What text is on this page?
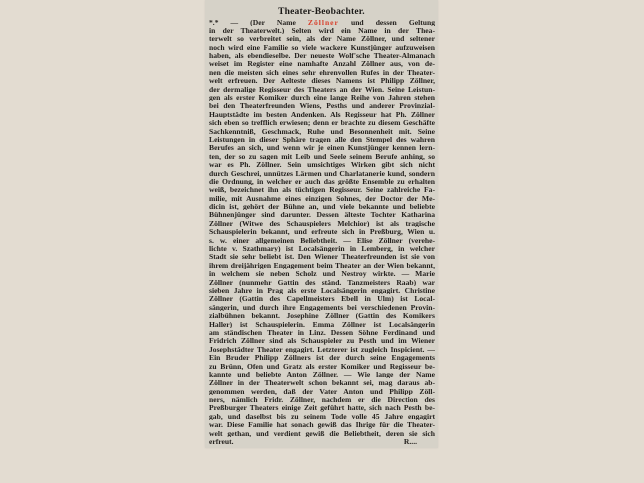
Theater-Beobachter.
*.* — (Der Name Zöllner und dessen Geltung
in der Theaterwelt.) Selten wird ein Name in der Thea-
terwelt so verbreitet sein, als der Name Zöllner, und seltener
noch wird eine Familie so viele wackere Kunstjünger aufzuweisen
haben, als ebendieselbe. Der neueste Wolf'sche Theater-Almanach
weiset im Register eine namhafte Anzahl Zöllner aus, von de-
nen die meisten sich eines sehr ehrenvollen Rufes in der Theater-
welt erfreuen. Der Aelteste dieses Namens ist Philipp Zöllner,
der dermalige Regisseur des Theaters an der Wien. Seine Leistun-
gen als erster Komiker durch eine lange Reihe von Jahren stehen
bei den Theaterfreunden Wiens, Pesths und anderer Provinzial-
Hauptstädte im besten Andenken. Als Regisseur hat Ph. Zöllner
sich eben so trefflich erwiesen; denn er brachte zu diesem Geschäfte
Sachkenntniß, Geschmack, Ruhe und Besonnenheit mit. Seine
Leistungen in dieser Sphäre tragen alle den Stempel des wahren
Berufes an sich, und wenn wir je einen Kunstjünger kennen lern-
ten, der so zu sagen mit Leib und Seele seinem Berufe anhing, so
war es Ph. Zöllner. Sein umsichtiges Wirken gibt sich nicht
durch Geschrei, unnützes Lärmen und Charlatanerie kund, sondern
die Ordnung, in welcher er auch das größte Ensemble zu erhalten
weiß, bezeichnet ihn als tüchtigen Regisseur. Seine zahlreiche Fa-
milie, mit Ausnahme eines einzigen Sohnes, der Doctor der Me-
dicin ist, gehört der Bühne an, und viele bekannte und beliebte
Bühnenjünger sind darunter. Dessen älteste Tochter Katharina
Zöllner (Witwe des Schauspielers Melchior) ist als tragische
Schauspielerin bekannt, und erfreute sich in Preßburg, Wien u.
s. w. einer allgemeinen Beliebtheit. — Elise Zöllner (verehe-
lichte v. Szathmary) ist Localsängerin in Lemberg, in welcher
Stadt sie sehr beliebt ist. Den Wiener Theaterfreunden ist sie von
ihrem dreijährigen Engagement beim Theater an der Wien bekannt,
in welchem sie neben Scholz und Nestroy wirkte. — Marie
Zöllner (nunmehr Gattin des ständ. Tanzmeisters Raab) war
sieben Jahre in Prag als erste Localsängerin engagirt. Christine
Zöllner (Gattin des Capellmeisters Ebell in Ulm) ist Local-
sängerin, und durch ihre Engagements bei verschiedenen Provin-
zialbühnen bekannt. Josephine Zöllner (Gattin des Komikers
Haller) ist Schauspielerin. Emma Zöllner ist Localsängerin
am ständischen Theater in Linz. Dessen Söhne Ferdinand und
Fridrich Zöllner sind als Schauspieler zu Pesth und im Wiener
Josephstädter Theater engagirt. Letzterer ist zugleich Inspicient. —
Ein Bruder Philipp Zöllners ist der durch seine Engagements
zu Brünn, Ofen und Gratz als erster Komiker und Regisseur be-
kannte und beliebte Anton Zöllner. — Wie lange der Name
Zöllner in der Theaterwelt schon bekannt sei, mag daraus ab-
genommen werden, daß der Vater Anton und Philipp Zöll-
ners, nämlich Fridr. Zöllner, nachdem er die Direction des
Preßburger Theaters einige Zeit geführt hatte, sich nach Pesth be-
gab, und daselbst bis zu seinem Tode volle 45 Jahre engagirt
war. Diese Familie hat sonach gewiß das Ihrige für die Theater-
welt gethan, und verdient gewiß die Beliebtheit, deren sie sich
erfreut.	R....
